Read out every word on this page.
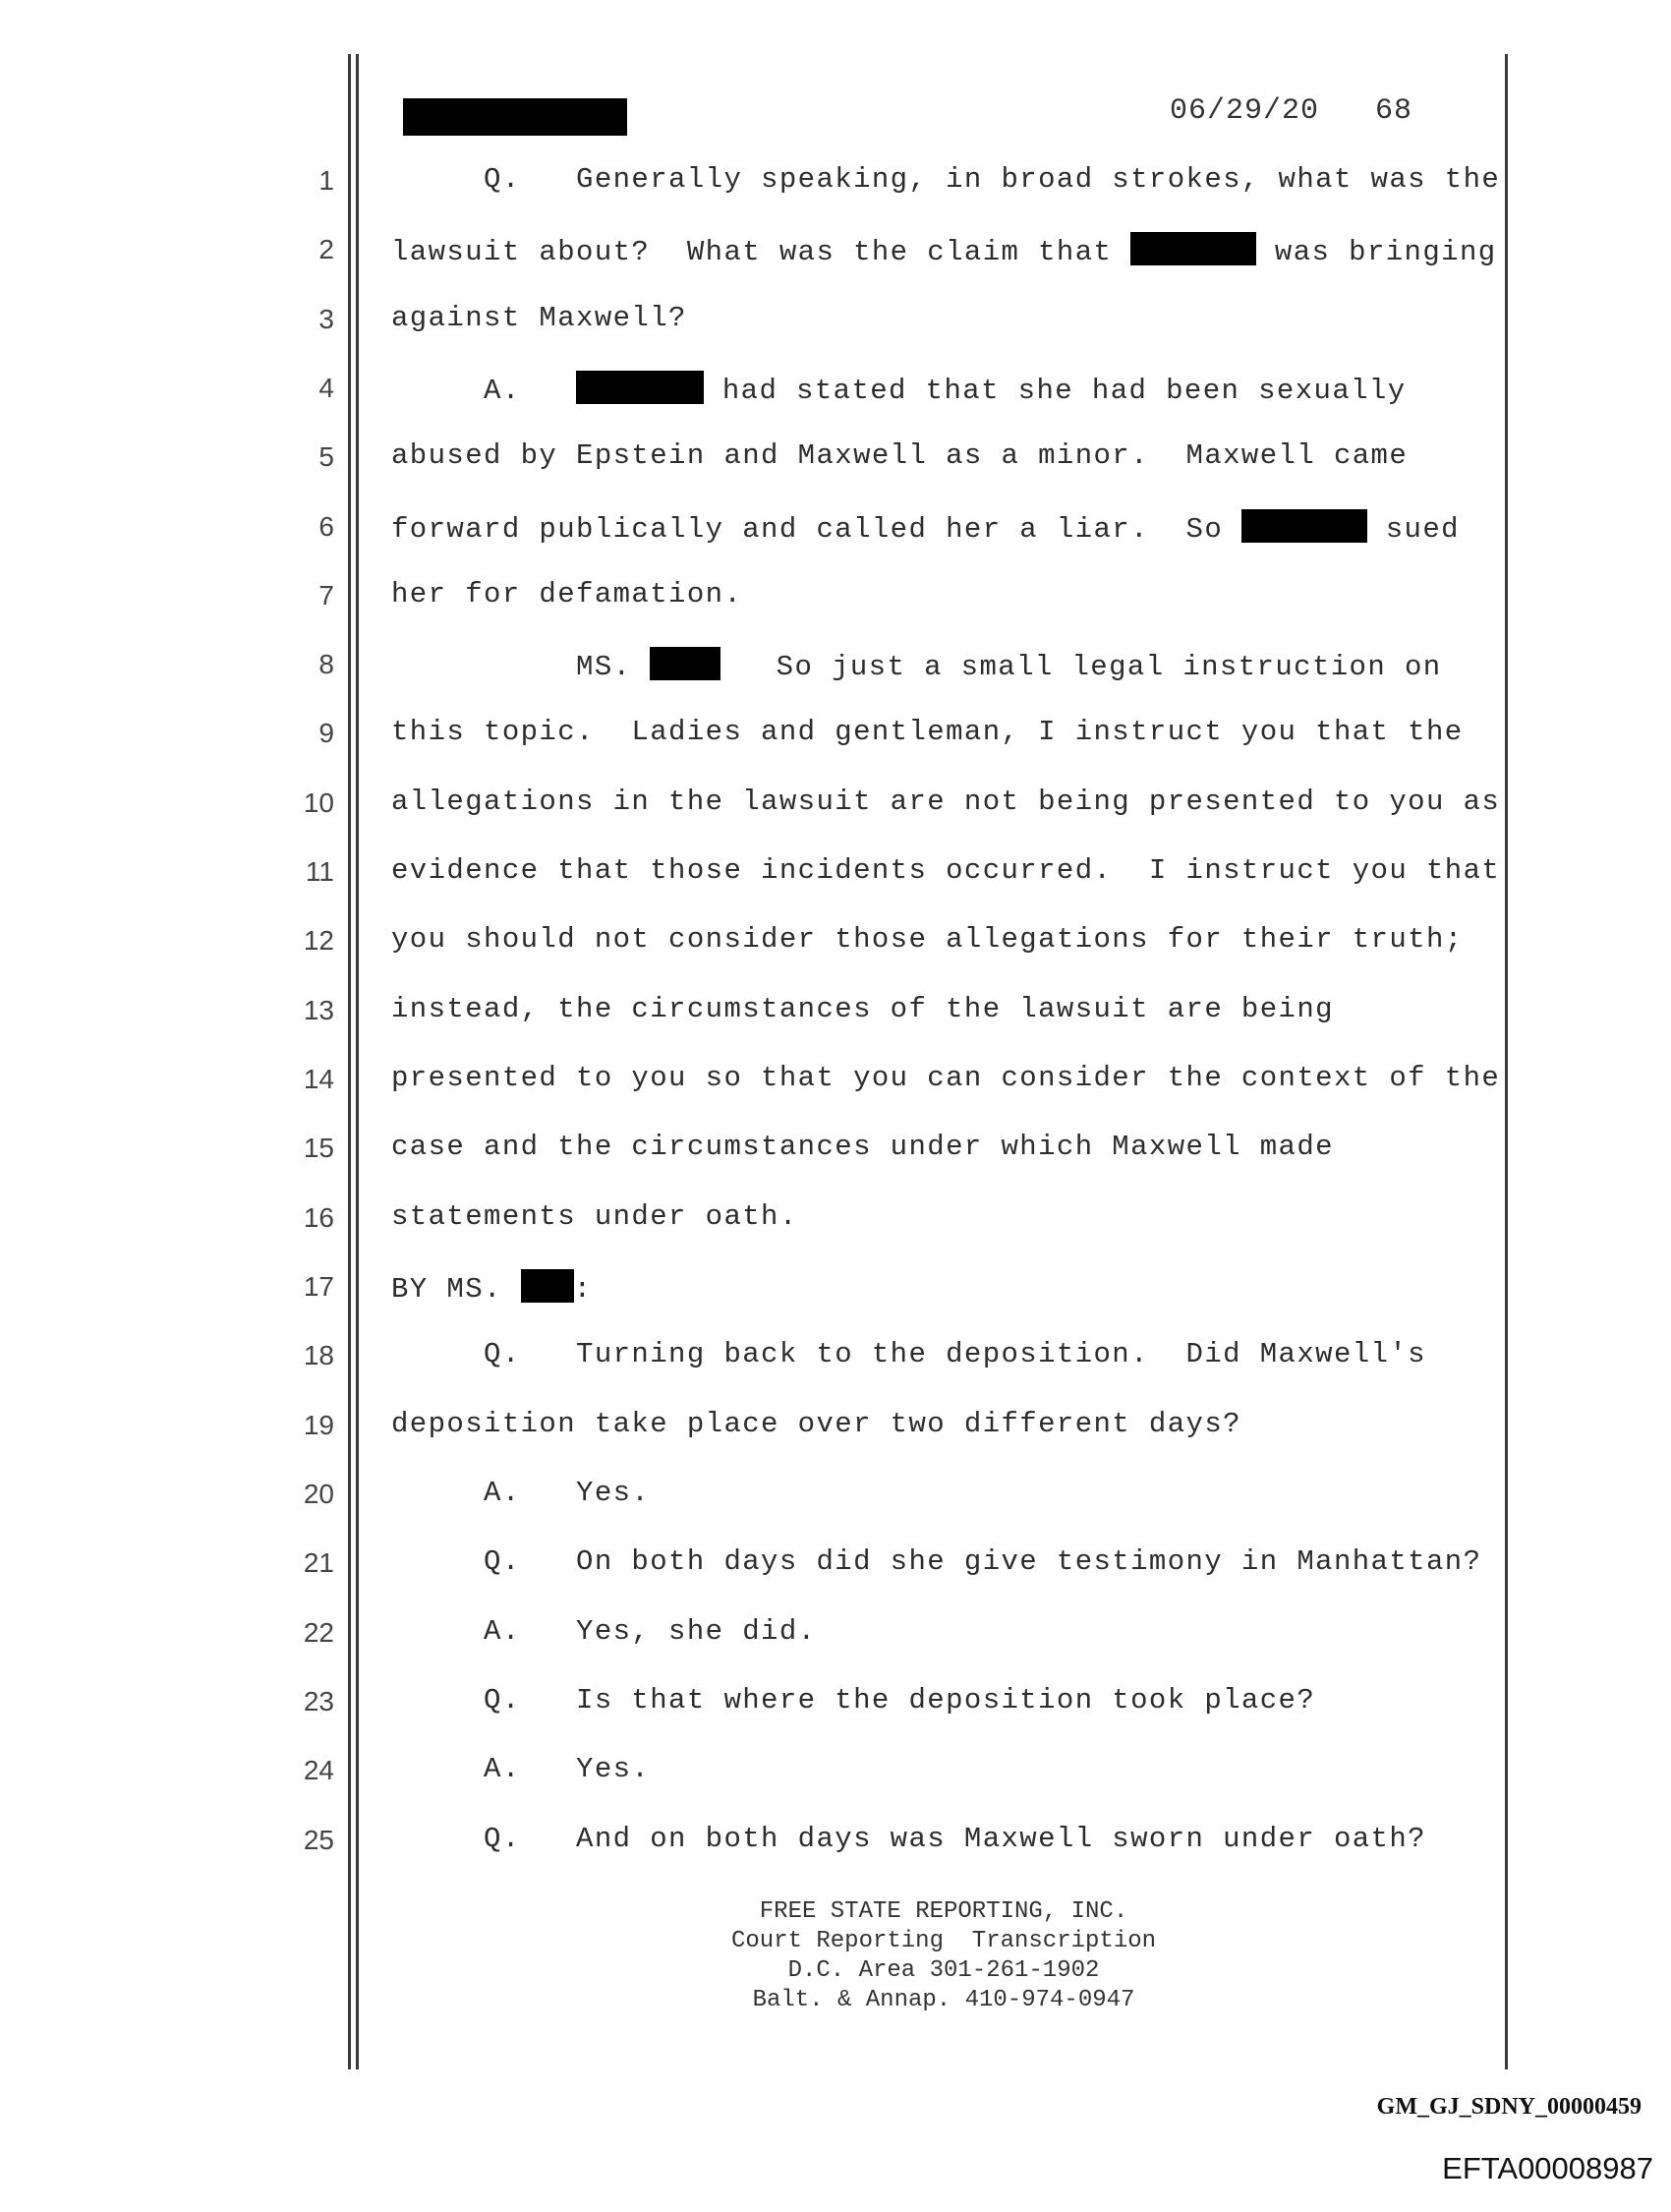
06/29/20 68
1
2
3
4
5
6
7
8
9
10
11
12
13
14
15
16
17
18
19
20
21
22
23
24
25
Q.   Generally speaking, in broad strokes, what was the
lawsuit about?  What was the claim that	was bringing
against Maxwell?
A.	had stated that she had been sexually
abused by Epstein and Maxwell as a minor.  Maxwell came
forward publically and called her a liar.  So	sued
her for defamation.
MS.    So just a small legal instruction on
this topic.  Ladies and gentleman, I instruct you that the
allegations in the lawsuit are not being presented to you as
evidence that those incidents occurred.  I instruct you that
you should not consider those allegations for their truth;
instead, the circumstances of the lawsuit are being
presented to you so that you can consider the context of the
case and the circumstances under which Maxwell made
statements under oath.
BY MS. :
Q.   Turning back to the deposition.  Did Maxwell's
deposition take place over two different days?
A.   Yes.
Q.   On both days did she give testimony in Manhattan?
A.   Yes, she did.
Q.   Is that where the deposition took place?
A.   Yes.
Q.   And on both days was Maxwell sworn under oath?
FREE STATE REPORTING, INC.
Court Reporting  Transcription
D.C. Area 301-261-1902
Balt. & Annap. 410-974-0947
GM_GJ_SDNY_00000459
EFTA00008987
